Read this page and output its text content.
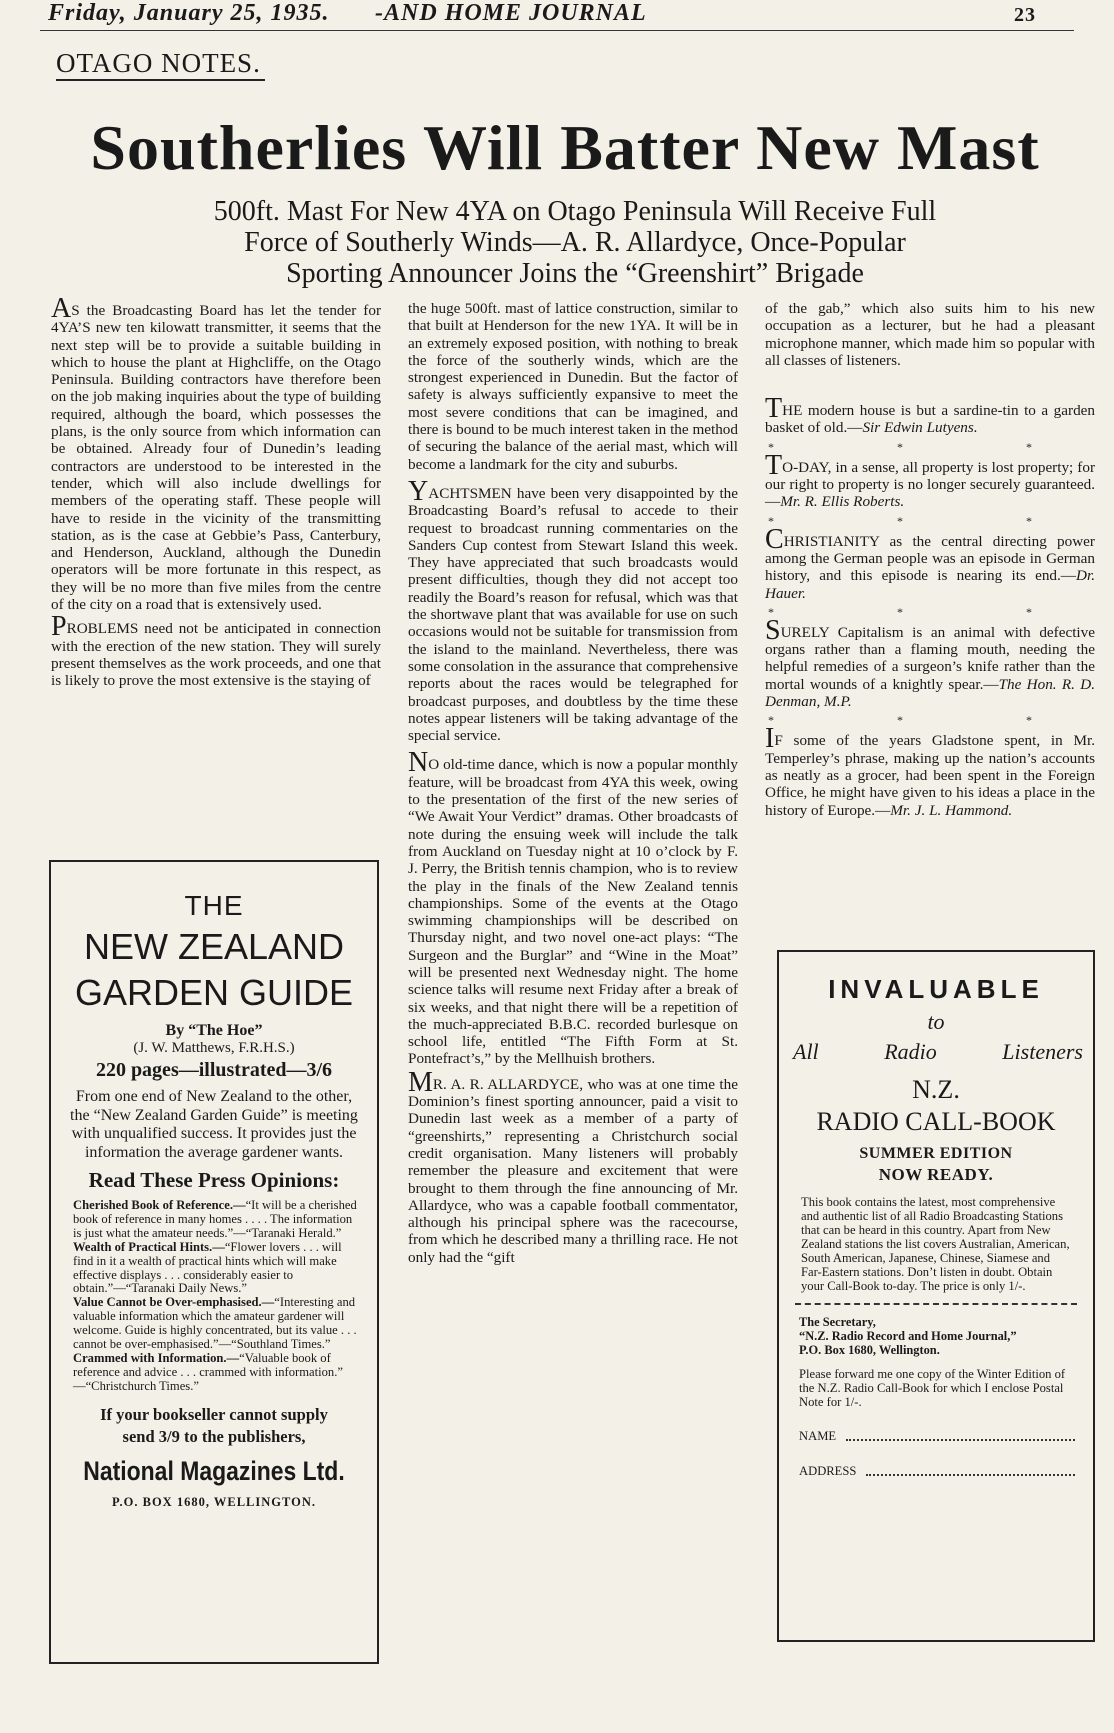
Friday, January 25, 1935. -AND HOME JOURNAL	23
OTAGO NOTES.
Southerlies Will Batter New Mast
500ft. Mast For New 4YA on Otago Peninsula Will Receive Full
Force of Southerly Winds—A. R. Allardyce, Once-Popular
Sporting Announcer Joins the “Greenshirt” Brigade

AS the Broadcasting Board has let the tender for 4YA’S new ten kilowatt transmitter, it seems that the next step will be to provide a suitable building in which to house the plant at Highcliffe, on the Otago Peninsula. Building contractors have therefore been on the job making inquiries about the type of building required, although the board, which possesses the plans, is the only source from which information can be obtained. Already four of Dunedin’s leading contractors are understood to be interested in the tender, which will also include dwellings for members of the operating staff. These people will have to reside in the vicinity of the transmitting station, as is the case at Gebbie’s Pass, Canterbury, and Henderson, Auckland, although the Dunedin operators will be more fortunate in this respect, as they will be no more than five miles from the centre of the city on a road that is extensively used.

PROBLEMS need not be anticipated in connection with the erection of the new station. They will surely present themselves as the work proceeds, and one that is likely to prove the most extensive is the staying of

the huge 500ft. mast of lattice construction, similar to that built at Henderson for the new 1YA. It will be in an extremely exposed position, with nothing to break the force of the southerly winds, which are the strongest experienced in Dunedin. But the factor of safety is always sufficiently expansive to meet the most severe conditions that can be imagined, and there is bound to be much interest taken in the method of securing the balance of the aerial mast, which will become a landmark for the city and suburbs.

YACHTSMEN have been very disappointed by the Broadcasting Board’s refusal to accede to their request to broadcast running commentaries on the Sanders Cup contest from Stewart Island this week. They have appreciated that such broadcasts would present difficulties, though they did not accept too readily the Board’s reason for refusal, which was that the shortwave plant that was available for use on such occasions would not be suitable for transmission from the island to the mainland. Nevertheless, there was some consolation in the assurance that comprehensive reports about the races would be telegraphed for broadcast purposes, and doubtless by the time these notes appear listeners will be taking advantage of the special service.

NO old-time dance, which is now a popular monthly feature, will be broadcast from 4YA this week, owing to the presentation of the first of the new series of “We Await Your Verdict” dramas. Other broadcasts of note during the ensuing week will include the talk from Auckland on Tuesday night at 10 o’clock by F. J. Perry, the British tennis champion, who is to review the play in the finals of the New Zealand tennis championships. Some of the events at the Otago swimming championships will be described on Thursday night, and two novel one-act plays: “The Surgeon and the Burglar” and “Wine in the Moat” will be presented next Wednesday night. The home science talks will resume next Friday after a break of six weeks, and that night there will be a repetition of the much-appreciated B.B.C. recorded burlesque on school life, entitled “The Fifth Form at St. Pontefract’s,” by the Mellhuish brothers.

MR. A. R. ALLARDYCE, who was at one time the Dominion’s finest sporting announcer, paid a visit to Dunedin last week as a member of a party of “greenshirts,” representing a Christchurch social credit organisation. Many listeners will probably remember the pleasure and excitement that were brought to them through the fine announcing of Mr. Allardyce, who was a capable football commentator, although his principal sphere was the racecourse, from which he described many a thrilling race. He not only had the “gift

of the gab,” which also suits him to his new occupation as a lecturer, but he had a pleasant microphone manner, which made him so popular with all classes of listeners.

THE modern house is but a sardine-tin to a garden basket of old.—Sir Edwin Lutyens.

* * *

TO-DAY, in a sense, all property is lost property; for our right to property is no longer securely guaranteed.—Mr. R. Ellis Roberts.

* * *

CHRISTIANITY as the central directing power among the German people was an episode in German history, and this episode is nearing its end.—Dr. Hauer.

* * *

SURELY Capitalism is an animal with defective organs rather than a flaming mouth, needing the helpful remedies of a surgeon’s knife rather than the mortal wounds of a knightly spear.—The Hon. R. D. Denman, M.P.

* * *

IF some of the years Gladstone spent, in Mr. Temperley’s phrase, making up the nation’s accounts as neatly as a grocer, had been spent in the Foreign Office, he might have given to his ideas a place in the history of Europe.—Mr. J. L. Hammond.

THE
NEW ZEALAND
GARDEN GUIDE
By “The Hoe”
(J. W. Matthews, F.R.H.S.)
220 pages—illustrated—3/6
From one end of New Zealand to the other, the “New Zealand Garden Guide” is meeting with unqualified success. It provides just the information the average gardener wants.
Read These Press Opinions:

Cherished Book of Reference.—“It will be a cherished book of reference in many homes . . . . The information is just what the amateur needs.”—“Taranaki Herald.”

Wealth of Practical Hints.—“Flower lovers . . . will find in it a wealth of practical hints which will make effective displays . . . considerably easier to obtain.”—“Taranaki Daily News.”

Value Cannot be Over-emphasised.—“Interesting and valuable information which the amateur gardener will welcome. Guide is highly concentrated, but its value . . . cannot be over-emphasised.”—“Southland Times.”

Crammed with Information.—“Valuable book of reference and advice . . . crammed with information.” —“Christchurch Times.”

If your bookseller cannot supply
send 3/9 to the publishers,
National Magazines Ltd.
P.O. BOX 1680, WELLINGTON.
INVALUABLE
to
All	Radio	Listeners
N.Z.
RADIO CALL-BOOK
SUMMER EDITION
NOW READY.
This book contains the latest, most comprehensive and authentic list of all Radio Broadcasting Stations that can be heard in this country. Apart from New Zealand stations the list covers Australian, American, South American, Japanese, Chinese, Siamese and Far-Eastern stations. Don’t listen in doubt. Obtain your Call-Book to-day. The price is only 1/-.
The Secretary,
“N.Z. Radio Record and Home Journal,”
P.O. Box 1680, Wellington.
Please forward me one copy of the Winter Edition of the N.Z. Radio Call-Book for which I enclose Postal Note for 1/-.
NAME
ADDRESS
